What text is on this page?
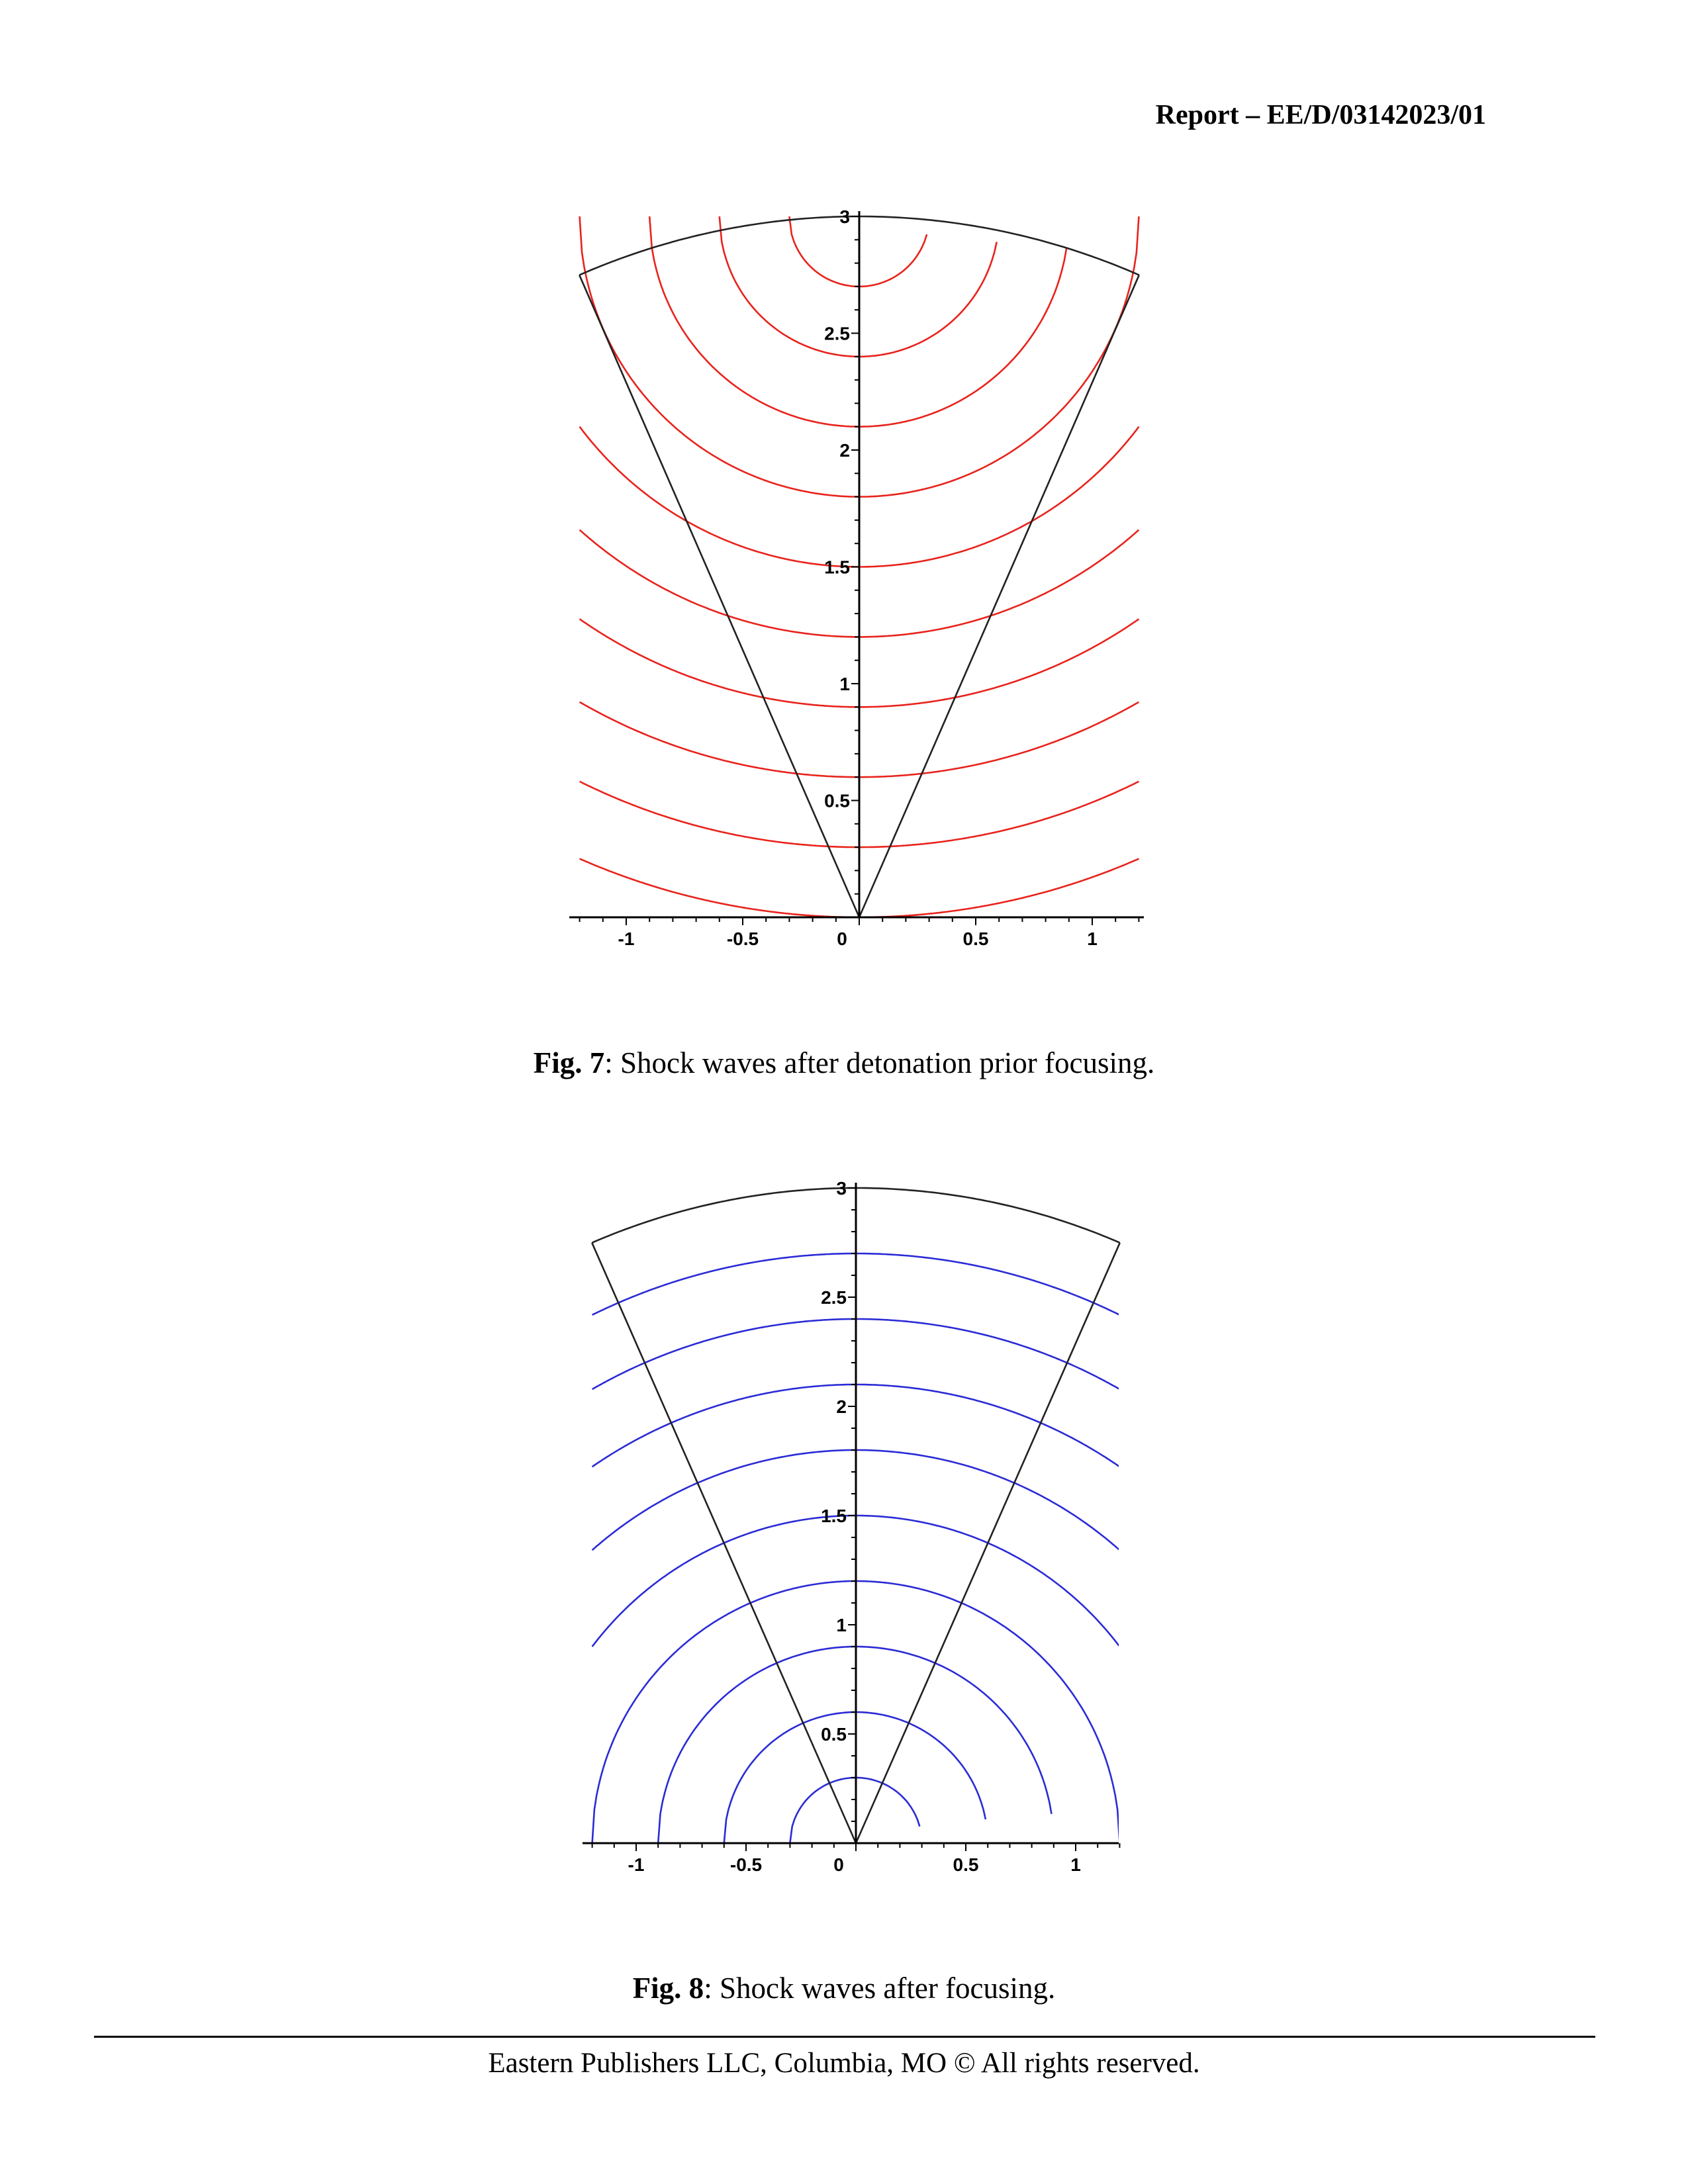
Report – EE/D/03142023/01
-1	-0.5	0	0.5	1
0.5
1
1.5
2
2.5
3
Fig. 7: Shock waves after detonation prior focusing.
-1	-0.5	0	0.5	1
0.5
1
1.5
2
2.5
3
Fig. 8: Shock waves after focusing.
Eastern Publishers LLC, Columbia, MO © All rights reserved.
